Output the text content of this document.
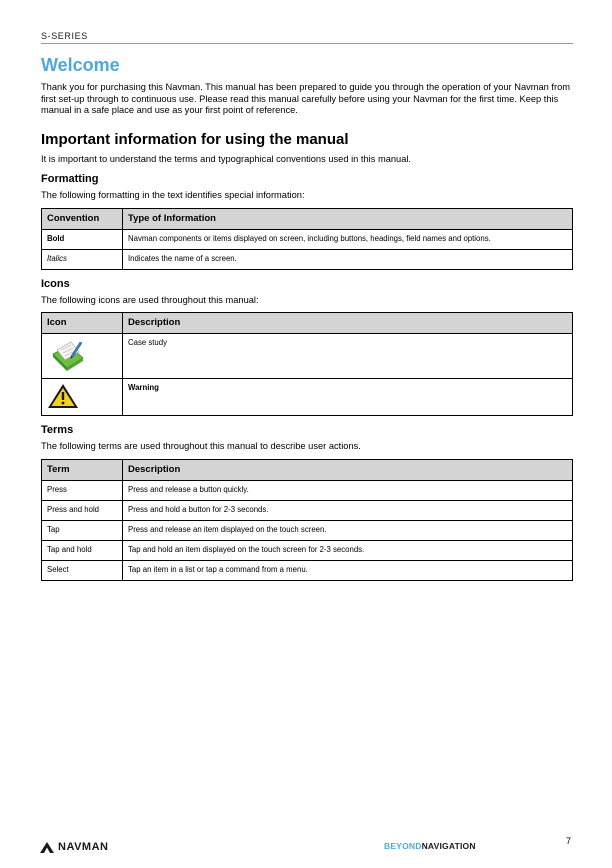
S-SERIES
Welcome

Thank you for purchasing this Navman. This manual has been prepared to guide you through the operation of your Navman from first set-up through to continuous use. Please read this manual carefully before using your Navman for the first time. Keep this manual in a safe place and use as your first point of reference.

Important information for using the manual

It is important to understand the terms and typographical conventions used in this manual.

Formatting

The following formatting in the text identifies special information:

Convention	Type of Information
Bold	Navman components or items displayed on screen, including buttons, headings, field names and options.
Italics	Indicates the name of a screen.
Icons

The following icons are used throughout this manual:

Icon	Description
	Case study
	Warning
Terms

The following terms are used throughout this manual to describe user actions.

Term	Description
Press	Press and release a button quickly.
Press and hold	Press and hold a button for 2-3 seconds.
Tap	Press and release an item displayed on the touch screen.
Tap and hold	Tap and hold an item displayed on the touch screen for 2-3 seconds.
Select	Tap an item in a list or tap a command from a menu.
NAVMAN	BEYONDNAVIGATION	7
